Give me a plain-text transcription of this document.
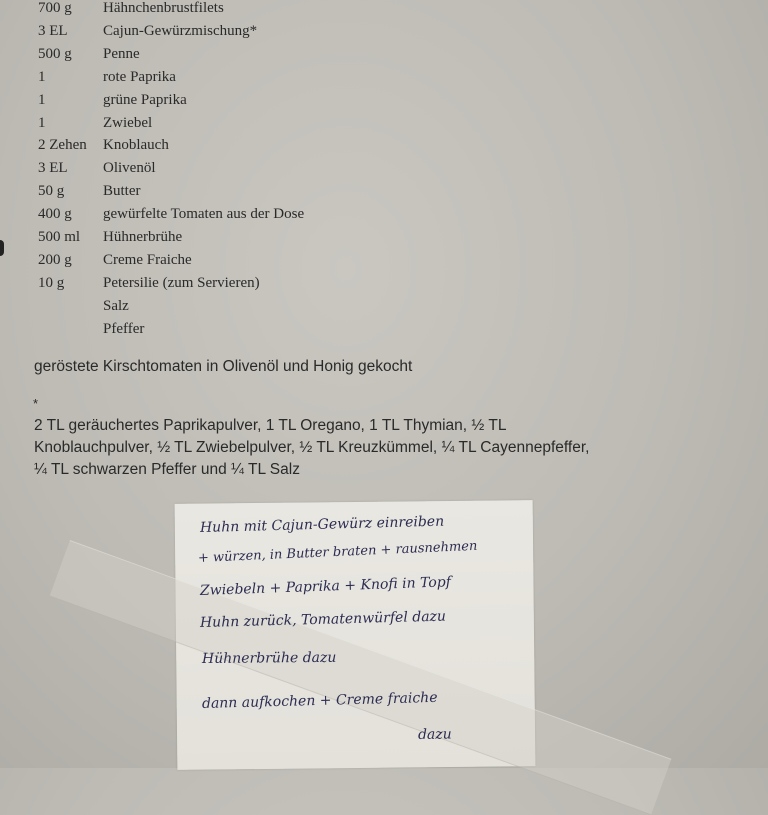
700 g	Hähnchenbrustfilets
3 EL	Cajun-Gewürzmischung*
500 g	Penne
1	rote Paprika
1	grüne Paprika
1	Zwiebel
2 Zehen	Knoblauch
3 EL	Olivenöl
50 g	Butter
400 g	gewürfelte Tomaten aus der Dose
500 ml	Hühnerbrühe
200 g	Creme Fraiche
10 g	Petersilie (zum Servieren)
Salz
Pfeffer
geröstete Kirschtomaten in Olivenöl und Honig gekocht
*
2 TL geräuchertes Paprikapulver, 1 TL Oregano, 1 TL Thymian, ½ TL
Knoblauchpulver, ½ TL Zwiebelpulver, ½ TL Kreuzkümmel, ¼ TL Cayennepfeffer,
¼ TL schwarzen Pfeffer und ¼ TL Salz
Huhn mit Cajun-Gewürz einreiben
+ würzen, in Butter braten + rausnehmen
Zwiebeln + Paprika + Knofi in Topf
Huhn zurück, Tomatenwürfel dazu
Hühnerbrühe dazu
dann aufkochen + Creme fraiche
dazu
